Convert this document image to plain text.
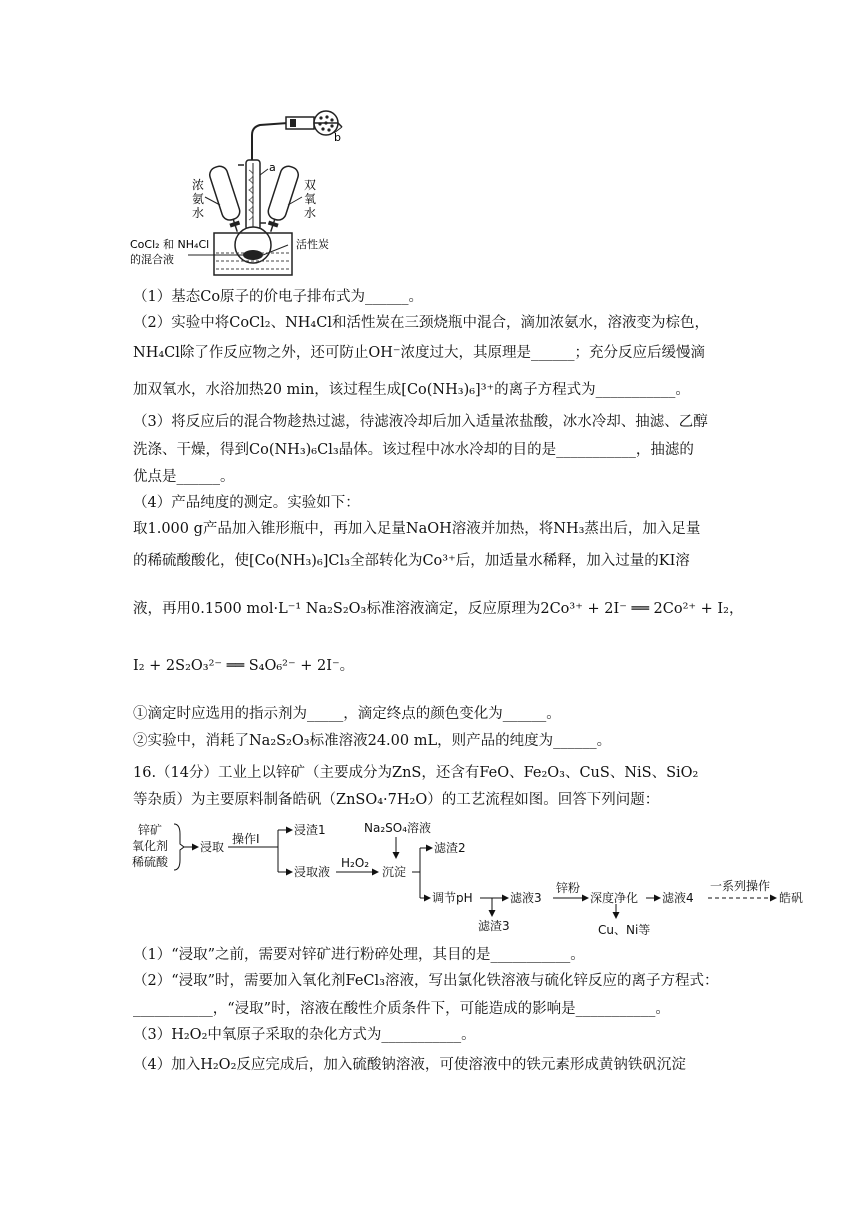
b
a
浓氨水
双氧水
CoCl₂ 和 NH₄Cl
的混合液
活性炭
（1）基态Co原子的价电子排布式为______。
（2）实验中将CoCl₂、NH₄Cl和活性炭在三颈烧瓶中混合，滴加浓氨水，溶液变为棕色，
NH₄Cl除了作反应物之外，还可防止OH⁻浓度过大，其原理是______；充分反应后缓慢滴
加双氧水，水浴加热20 min，该过程生成[Co(NH₃)₆]³⁺的离子方程式为___________。
（3）将反应后的混合物趁热过滤，待滤液冷却后加入适量浓盐酸，冰水冷却、抽滤、乙醇
洗涤、干燥，得到Co(NH₃)₆Cl₃晶体。该过程中冰水冷却的目的是___________，抽滤的
优点是______。
（4）产品纯度的测定。实验如下：
取1.000 g产品加入锥形瓶中，再加入足量NaOH溶液并加热，将NH₃蒸出后，加入足量
的稀硫酸酸化，使[Co(NH₃)₆]Cl₃全部转化为Co³⁺后，加适量水稀释，加入过量的KI溶
液，再用0.1500 mol·L⁻¹ Na₂S₂O₃标准溶液滴定，反应原理为2Co³⁺ + 2I⁻ ══ 2Co²⁺ + I₂，
I₂ + 2S₂O₃²⁻ ══ S₄O₆²⁻ + 2I⁻。
①滴定时应选用的指示剂为_____，滴定终点的颜色变化为______。
②实验中，消耗了Na₂S₂O₃标准溶液24.00 mL，则产品的纯度为______。
16.（14分）工业上以锌矿（主要成分为ZnS，还含有FeO、Fe₂O₃、CuS、NiS、SiO₂
等杂质）为主要原料制备皓矾（ZnSO₄·7H₂O）的工艺流程如图。回答下列问题：
锌矿
氧化剂
稀硫酸
浸取
操作Ⅰ
浸渣1
浸取液
H₂O₂
Na₂SO₄溶液
沉淀
滤渣2
调节pH
滤渣3
滤液3
锌粉
深度净化
Cu、Ni等
滤液4
一系列操作
皓矾
（1）“浸取”之前，需要对锌矿进行粉碎处理，其目的是___________。
（2）“浸取”时，需要加入氧化剂FeCl₃溶液，写出氯化铁溶液与硫化锌反应的离子方程式：
___________，“浸取”时，溶液在酸性介质条件下，可能造成的影响是___________。
（3）H₂O₂中氧原子采取的杂化方式为___________。
（4）加入H₂O₂反应完成后，加入硫酸钠溶液，可使溶液中的铁元素形成黄钠铁矾沉淀
